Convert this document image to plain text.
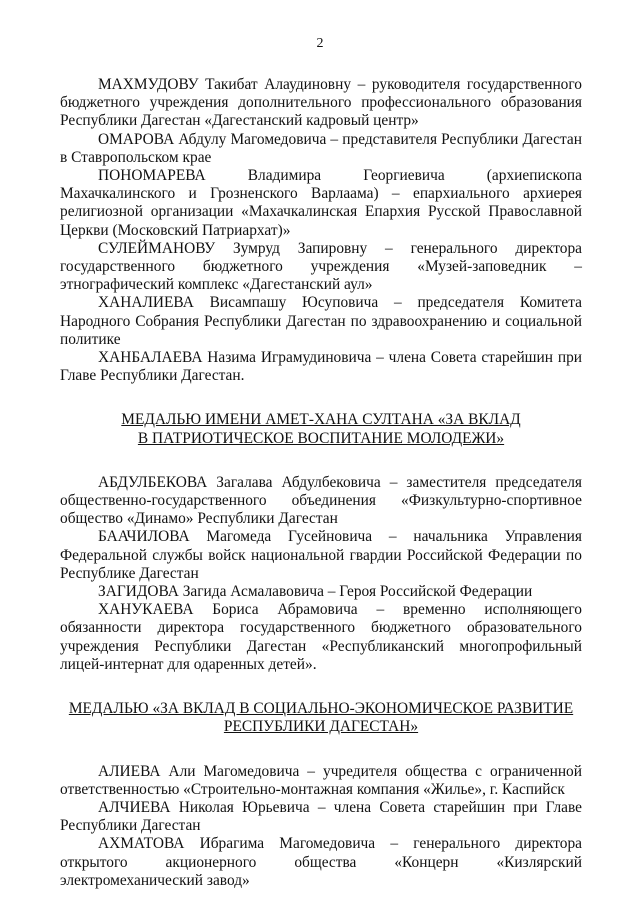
2

МАХМУДОВУ Такибат Алаудиновну – руководителя государственного бюджетного учреждения дополнительного профессионального образования Республики Дагестан «Дагестанский кадровый центр»

ОМАРОВА Абдулу Магомедовича – представителя Республики Дагестан в Ставропольском крае

ПОНОМАРЕВА Владимира Георгиевича (архиепископа Махачкалинского и Грозненского Варлаама) – епархиального архиерея религиозной организации «Махачкалинская Епархия Русской Православной Церкви (Московский Патриархат)»

СУЛЕЙМАНОВУ Зумруд Запировну – генерального директора государственного бюджетного учреждения «Музей-заповедник – этнографический комплекс «Дагестанский аул»

ХАНАЛИЕВА Висампашу Юсуповича – председателя Комитета Народного Собрания Республики Дагестан по здравоохранению и социальной политике

ХАНБАЛАЕВА Назима Играмудиновича – члена Совета старейшин при Главе Республики Дагестан.

МЕДАЛЬЮ ИМЕНИ АМЕТ-ХАНА СУЛТАНА «ЗА ВКЛАД
В ПАТРИОТИЧЕСКОЕ ВОСПИТАНИЕ МОЛОДЕЖИ»

АБДУЛБЕКОВА Загалава Абдулбековича – заместителя председателя общественно-государственного объединения «Физкультурно-спортивное общество «Динамо» Республики Дагестан

БААЧИЛОВА Магомеда Гусейновича – начальника Управления Федеральной службы войск национальной гвардии Российской Федерации по Республике Дагестан

ЗАГИДОВА Загида Асмалавовича – Героя Российской Федерации

ХАНУКАЕВА Бориса Абрамовича – временно исполняющего обязанности директора государственного бюджетного образовательного учреждения Республики Дагестан «Республиканский многопрофильный лицей-интернат для одаренных детей».

МЕДАЛЬЮ «ЗА ВКЛАД В СОЦИАЛЬНО-ЭКОНОМИЧЕСКОЕ РАЗВИТИЕ
РЕСПУБЛИКИ ДАГЕСТАН»

АЛИЕВА Али Магомедовича – учредителя общества с ограниченной ответственностью «Строительно-монтажная компания «Жилье», г. Каспийск

АЛЧИЕВА Николая Юрьевича – члена Совета старейшин при Главе Республики Дагестан

АХМАТОВА Ибрагима Магомедовича – генерального директора открытого акционерного общества «Концерн «Кизлярский электромеханический завод»
